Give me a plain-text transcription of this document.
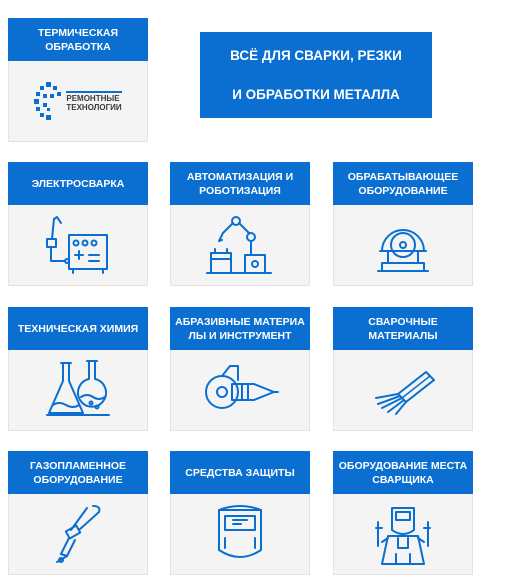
ВСЁ ДЛЯ СВАРКИ, РЕЗКИ
И ОБРАБОТКИ МЕТАЛЛА
ТЕРМИЧЕСКАЯ ОБРАБОТКА
РЕМОНТНЫЕ
ТЕХНОЛОГИИ
ЭЛЕКТРОСВАРКА
АВТОМАТИЗАЦИЯ И РОБОТИЗАЦИЯ
ОБРАБАТЫВАЮЩЕЕ ОБОРУДОВАНИЕ
ТЕХНИЧЕСКАЯ ХИМИЯ
АБРАЗИВНЫЕ МАТЕРИА ЛЫ И ИНСТРУМЕНТ
СВАРОЧНЫЕ МАТЕРИАЛЫ
ГАЗОПЛАМЕННОЕ ОБОРУДОВАНИЕ
СРЕДСТВА ЗАЩИТЫ
ОБОРУДОВАНИЕ МЕСТА СВАРЩИКА
